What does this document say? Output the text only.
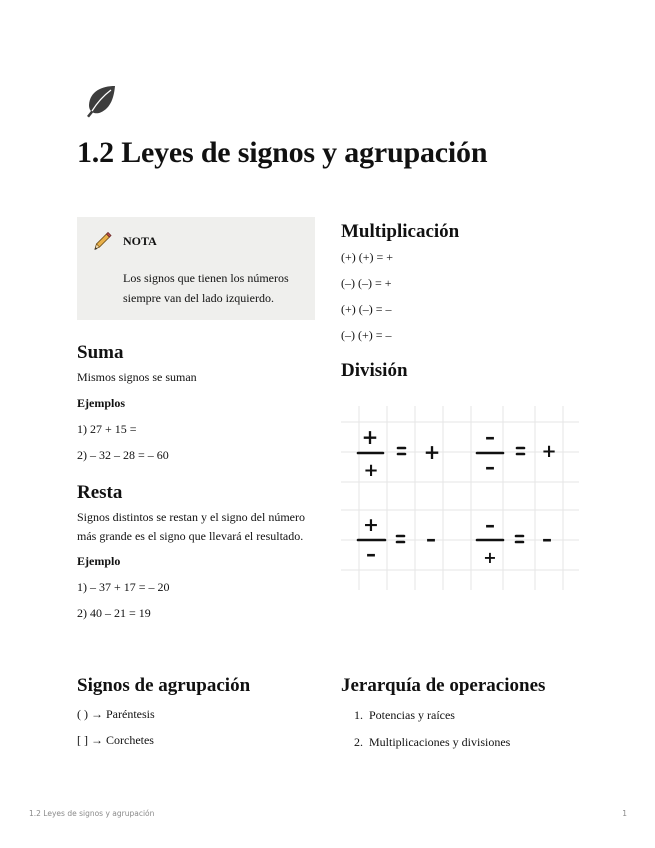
1.2 Leyes de signos y agrupación
NOTA

Los signos que tienen los números siempre van del lado izquierdo.

Suma

Mismos signos se suman

Ejemplos

1) 27 + 15 =

2) – 32 – 28 = – 60

Resta

Signos distintos se restan y el signo del número más grande es el signo que llevará el resultado.

Ejemplo

1) – 37 + 17 = – 20

2) 40 – 21 = 19

Multiplicación

(+) (+) = +

(–) (–) = +

(+) (–) = –

(–) (+) = –

División
+
+
+
–
–
+
+
–
–
–
+
–
Signos de agrupación

( ) → Paréntesis

[ ] → Corchetes

Jerarquía de operaciones
1. Potencias y raíces
2. Multiplicaciones y divisiones
1.2 Leyes de signos y agrupación	1
